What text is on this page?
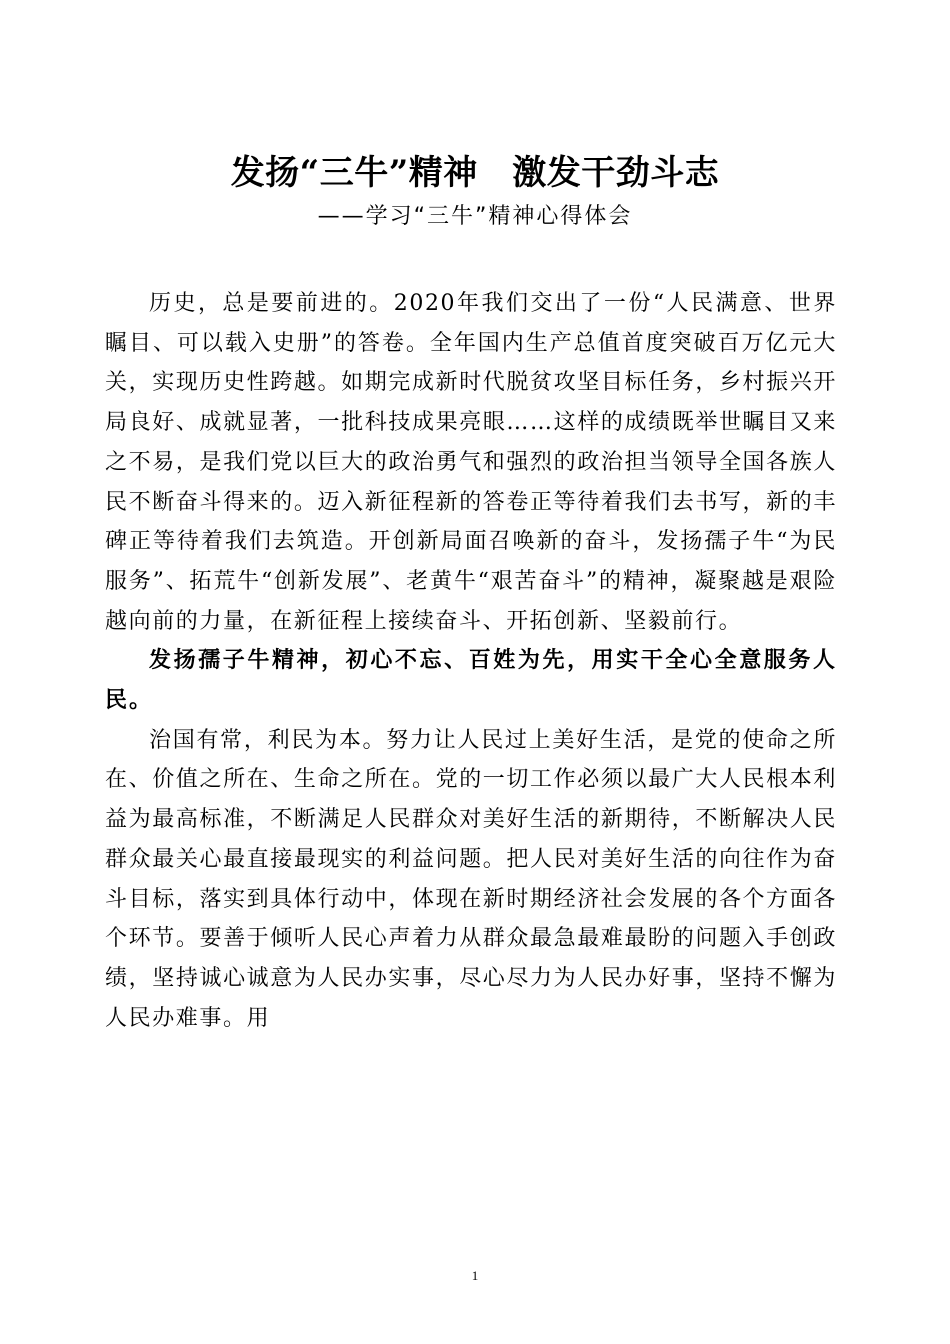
发扬“三牛”精神　激发干劲斗志
——学习“三牛”精神心得体会

历史，总是要前进的。2020年我们交出了一份“人民满意、世界瞩目、可以载入史册”的答卷。全年国内生产总值首度突破百万亿元大关，实现历史性跨越。如期完成新时代脱贫攻坚目标任务，乡村振兴开局良好、成就显著，一批科技成果亮眼……这样的成绩既举世瞩目又来之不易，是我们党以巨大的政治勇气和强烈的政治担当领导全国各族人民不断奋斗得来的。迈入新征程新的答卷正等待着我们去书写，新的丰碑正等待着我们去筑造。开创新局面召唤新的奋斗，发扬孺子牛“为民服务”、拓荒牛“创新发展”、老黄牛“艰苦奋斗”的精神，凝聚越是艰险越向前的力量，在新征程上接续奋斗、开拓创新、坚毅前行。

发扬孺子牛精神，初心不忘、百姓为先，用实干全心全意服务人民。

治国有常，利民为本。努力让人民过上美好生活，是党的使命之所在、价值之所在、生命之所在。党的一切工作必须以最广大人民根本利益为最高标准，不断满足人民群众对美好生活的新期待，不断解决人民群众最关心最直接最现实的利益问题。把人民对美好生活的向往作为奋斗目标，落实到具体行动中，体现在新时期经济社会发展的各个方面各个环节。要善于倾听人民心声着力从群众最急最难最盼的问题入手创政绩，坚持诚心诚意为人民办实事，尽心尽力为人民办好事，坚持不懈为人民办难事。用

1
